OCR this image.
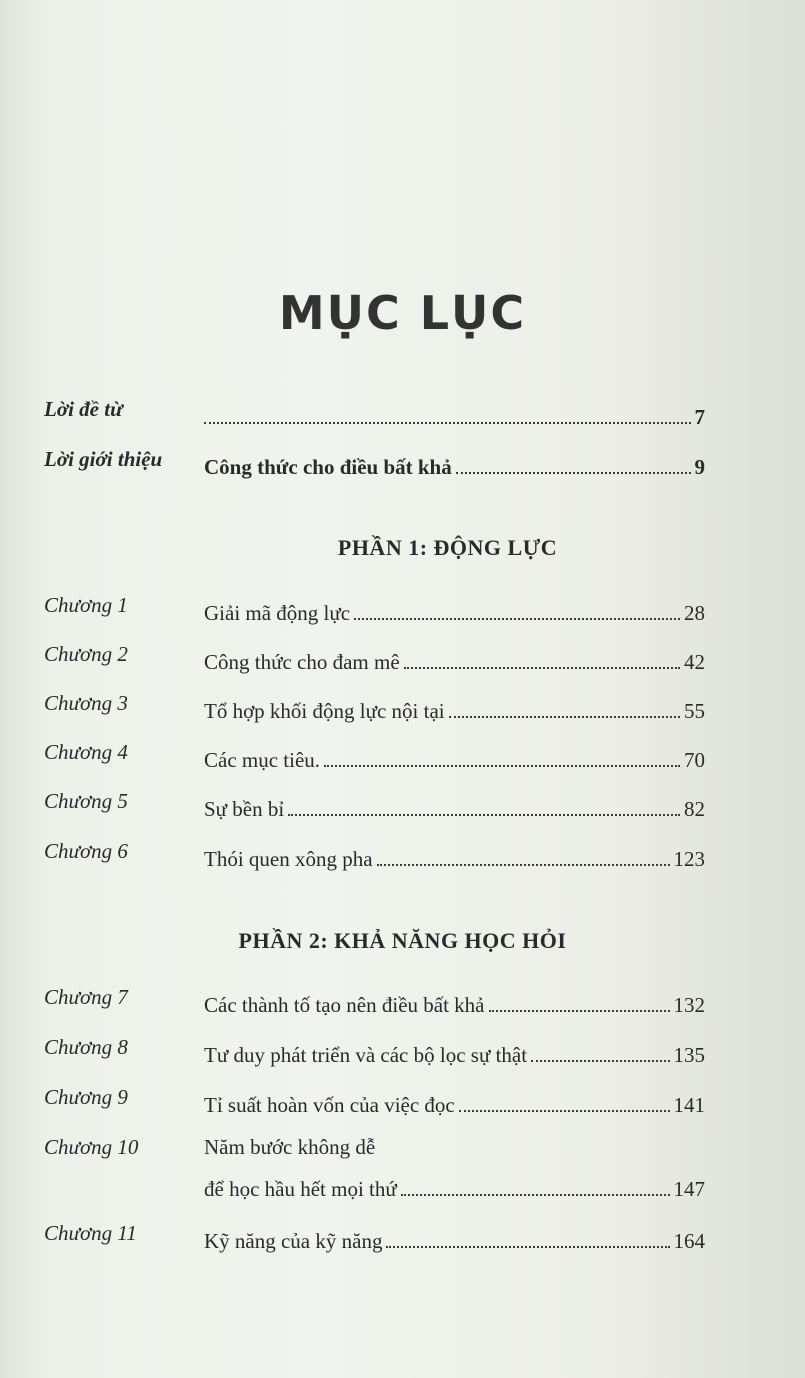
MỤC LỤC
Lời đề từ	7
Lời giới thiệu	Công thức cho điều bất khả	9
PHẦN 1: ĐỘNG LỰC
Chương 1	Giải mã động lực	28
Chương 2	Công thức cho đam mê	42
Chương 3	Tổ hợp khối động lực nội tại	55
Chương 4	Các mục tiêu.	70
Chương 5	Sự bền bỉ	82
Chương 6	Thói quen xông pha	123
PHẦN 2: KHẢ NĂNG HỌC HỎI
Chương 7	Các thành tố tạo nên điều bất khả	132
Chương 8	Tư duy phát triển và các bộ lọc sự thật	135
Chương 9	Tỉ suất hoàn vốn của việc đọc	141
Chương 10	Năm bước không dễ
để học hầu hết mọi thứ	147
Chương 11	Kỹ năng của kỹ năng	164
